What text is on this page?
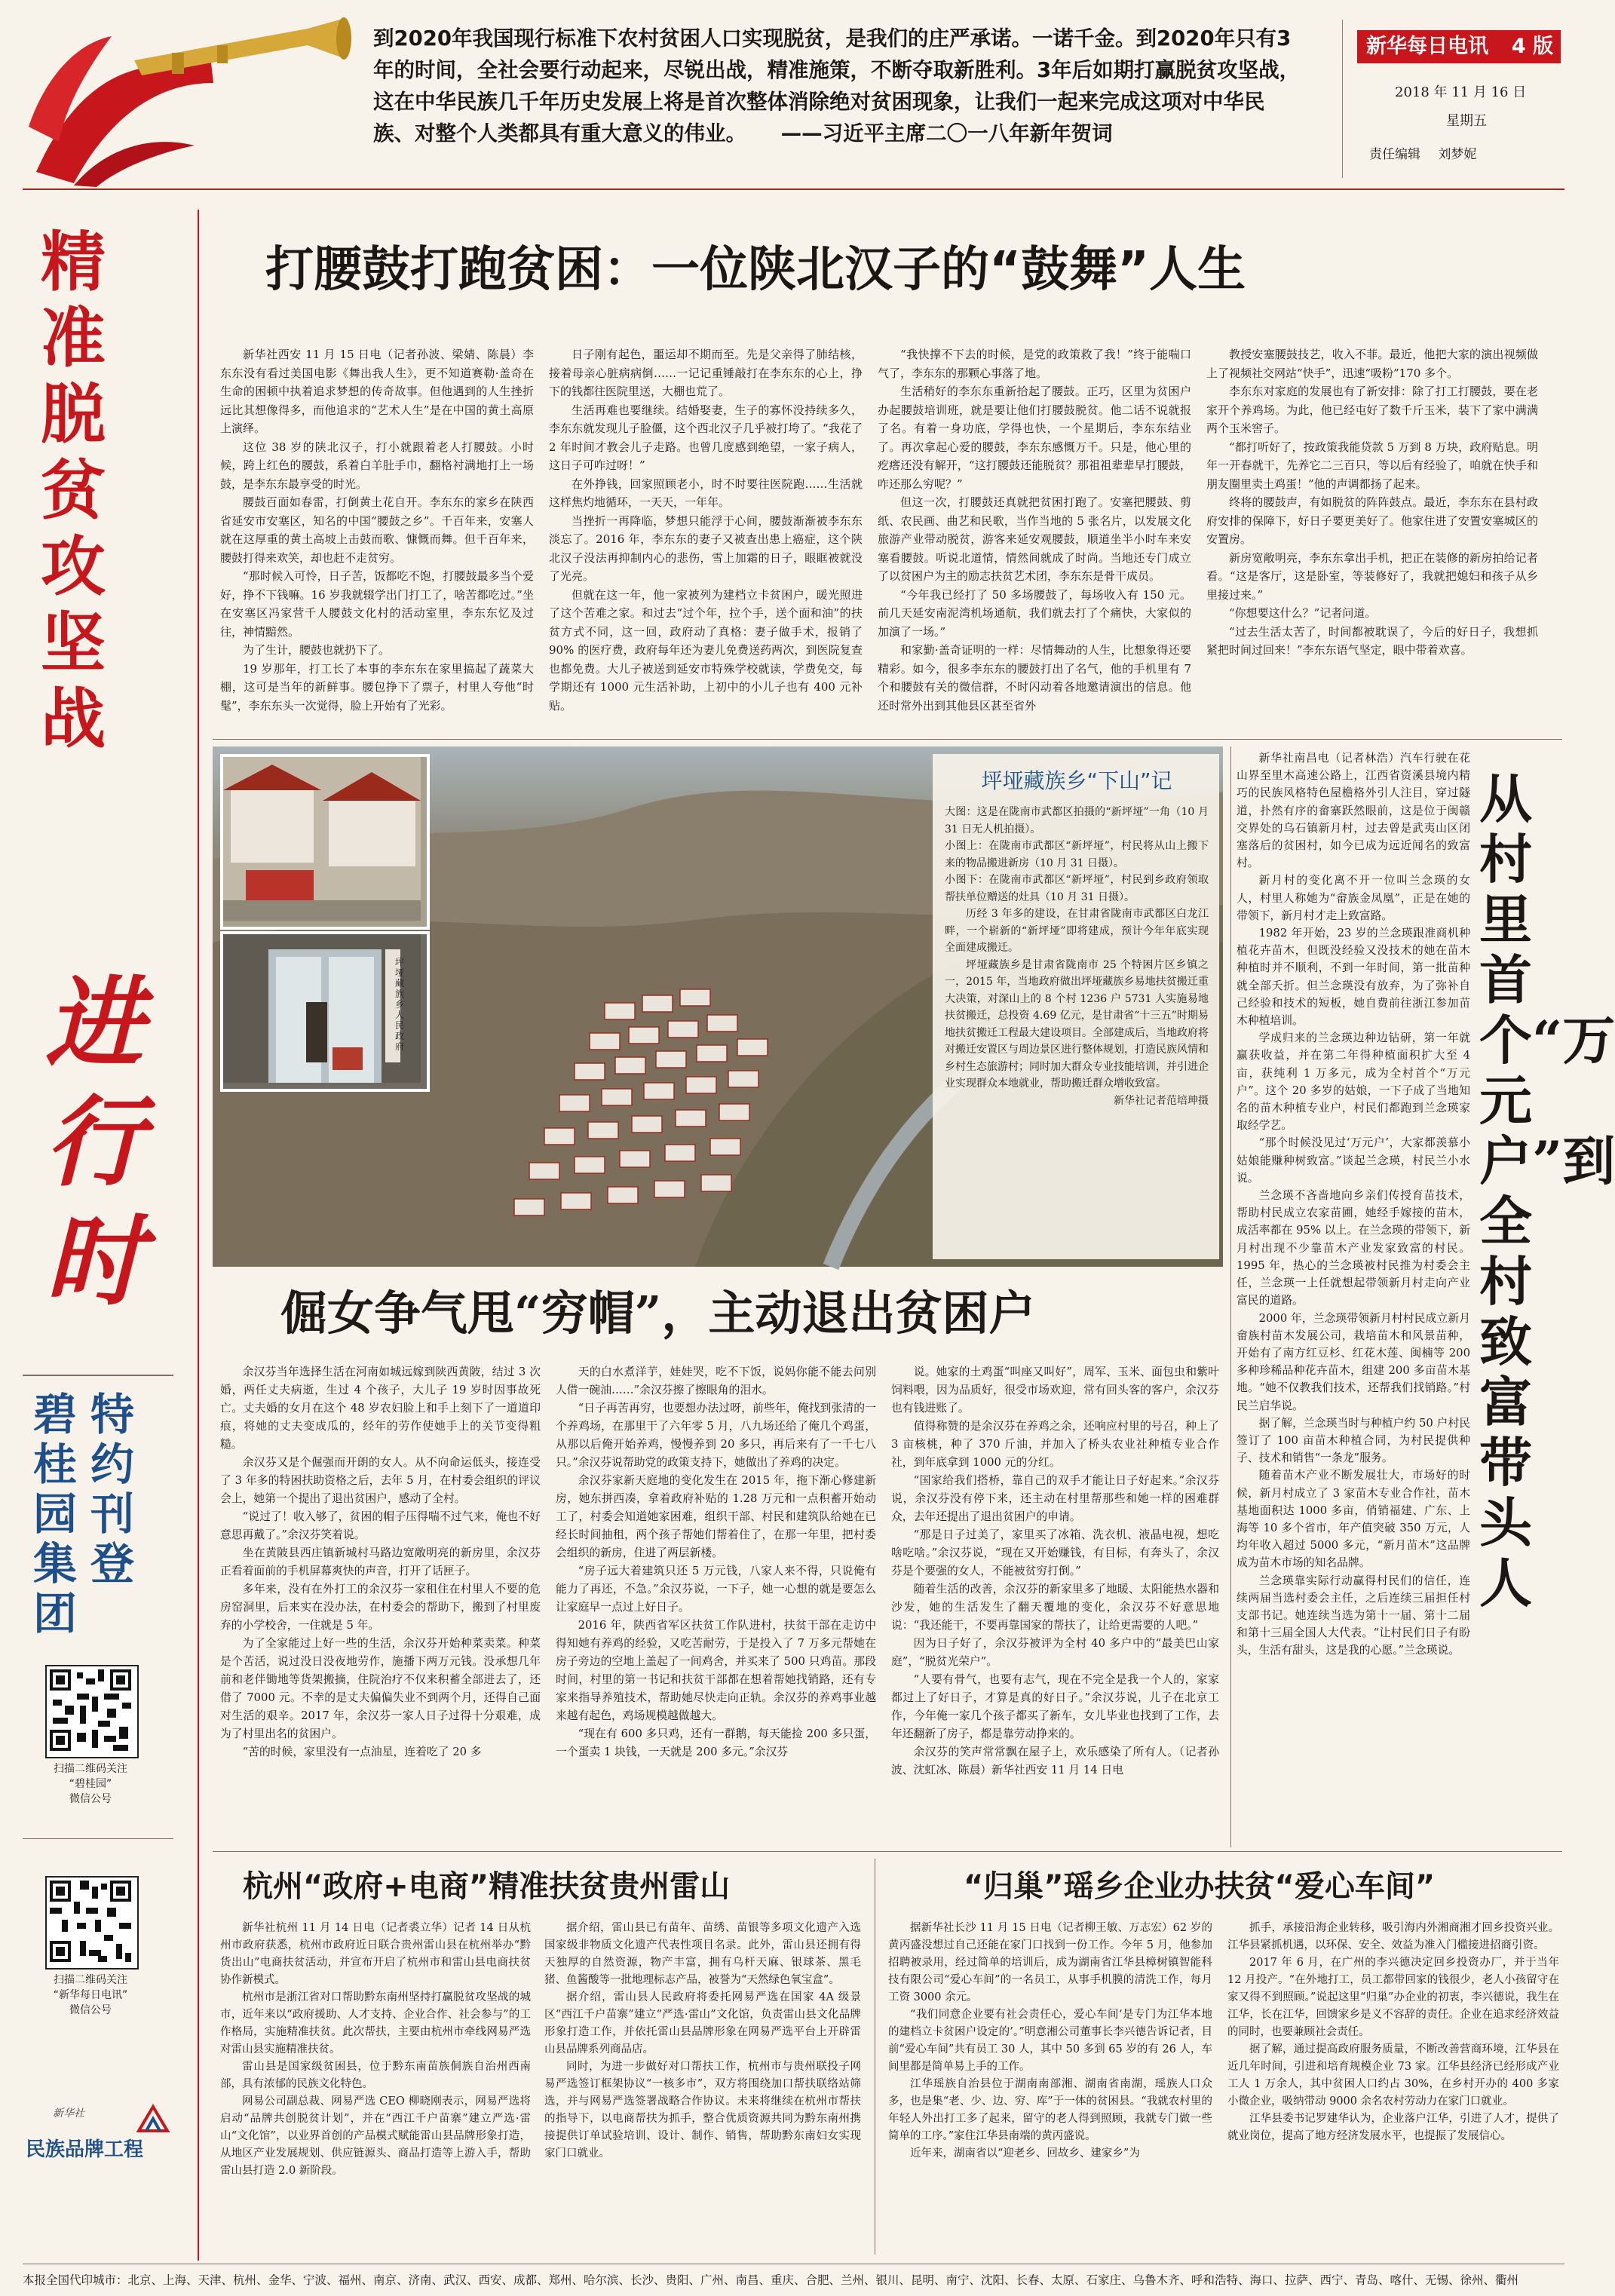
到2020年我国现行标准下农村贫困人口实现脱贫，是我们的庄严承诺。一诺千金。到2020年只有3
年的时间，全社会要行动起来，尽锐出战，精准施策，不断夺取新胜利。3年后如期打赢脱贫攻坚战，
这在中华民族几千年历史发展上将是首次整体消除绝对贫困现象，让我们一起来完成这项对中华民
族、对整个人类都具有重大意义的伟业。 ——习近平主席二〇一八年新年贺词
新华每日电讯 4 版
2018 年 11 月 16 日
星期五
责任编辑 刘梦妮
精准脱贫攻坚战
进行时
特约刊登
碧桂园集团
扫描二维码关注
“碧桂园”
微信公号
扫描二维码关注
“新华每日电讯”
微信公号
新华社
民族品牌工程
打腰鼓打跑贫困：一位陕北汉子的“鼓舞”人生

新华社西安 11 月 15 日电（记者孙波、梁婧、陈晨）李东东没有看过美国电影《舞出我人生》，更不知道赛勒·盖奇在生命的困顿中执着追求梦想的传奇故事。但他遇到的人生挫折远比其想像得多，而他追求的“艺术人生”是在中国的黄土高原上演绎。

这位 38 岁的陕北汉子，打小就跟着老人打腰鼓。小时候，跨上红色的腰鼓，系着白羊肚手巾，翻格衬满地打上一场鼓，是李东东最享受的时光。

腰鼓百面如春雷，打倒黄土花自开。李东东的家乡在陕西省延安市安塞区，知名的中国“腰鼓之乡”。千百年来，安塞人就在这厚重的黄土高坡上击鼓而歌、慷慨而舞。但千百年来，腰鼓打得来欢笑，却也赶不走贫穷。

“那时候入可怜，日子苦，饭都吃不饱，打腰鼓最多当个爱好，挣不下钱嘛。16 岁我就辍学出门打工了，啥苦都吃过。”坐在安塞区冯家营千人腰鼓文化村的活动室里，李东东忆及过往，神情黯然。

为了生计，腰鼓也就扔下了。

19 岁那年，打工长了本事的李东东在家里搞起了蔬菜大棚，这可是当年的新鲜事。腰包挣下了票子，村里人夸他“时髦”，李东东头一次觉得，脸上开始有了光彩。

日子刚有起色，噩运却不期而至。先是父亲得了肺结核，接着母亲心脏病病倒……一记记重锤敲打在李东东的心上，挣下的钱都往医院里送，大棚也荒了。

生活再难也要继续。结婚娶妻，生子的寡怀没持续多久，李东东就发现儿子脸僵，这个西北汉子几乎被打垮了。“我花了 2 年时间才教会儿子走路。也曾几度感到绝望，一家子病人，这日子可咋过呀！”

在外挣钱，回家照顾老小，时不时要往医院跑……生活就这样焦灼地循环，一天天，一年年。

当挫折一再降临，梦想只能浮于心间，腰鼓渐渐被李东东淡忘了。2016 年，李东东的妻子又被查出患上癌症，这个陕北汉子没法再抑制内心的悲伤，雪上加霜的日子，眼眶被就没了光亮。

但就在这一年，他一家被列为建档立卡贫困户，暖光照进了这个苦难之家。和过去“过个年，拉个手，送个面和油”的扶贫方式不同，这一回，政府动了真格：妻子做手术，报销了 90% 的医疗费，政府每年还为妻儿免费送药两次，到医院复查也都免费。大儿子被送到延安市特殊学校就读，学费免交，每学期还有 1000 元生活补助，上初中的小儿子也有 400 元补贴。

“我快撑不下去的时候，是党的政策救了我！”终于能喘口气了，李东东的那颗心事落了地。

生活稍好的李东东重新拾起了腰鼓。正巧，区里为贫困户办起腰鼓培训班，就是要让他们打腰鼓脱贫。他二话不说就报了名。有着一身功底，学得也快，一个星期后，李东东结业了。再次拿起心爱的腰鼓，李东东感慨万千。只是，他心里的疙瘩还没有解开，“这打腰鼓还能脱贫？那祖祖辈辈早打腰鼓，咋还那么穷呢？”

但这一次，打腰鼓还真就把贫困打跑了。安塞把腰鼓、剪纸、农民画、曲艺和民歌，当作当地的 5 张名片，以发展文化旅游产业带动脱贫，游客来延安观腰鼓，顺道坐半小时车来安塞看腰鼓。听说北道情，情然间就成了时尚。当地还专门成立了以贫困户为主的励志扶贫艺术团，李东东是骨干成员。

“今年我已经打了 50 多场腰鼓了，每场收入有 150 元。前几天延安南泥湾机场通航，我们就去打了个痛快，大家似的加演了一场。”

和家勤·盖奇证明的一样：尽情舞动的人生，比想象得还要精彩。如今，很多李东东的腰鼓打出了名气，他的手机里有 7 个和腰鼓有关的微信群，不时闪动着各地邀请演出的信息。他还时常外出到其他县区甚至省外

教授安塞腰鼓技艺，收入不菲。最近，他把大家的演出视频做上了视频社交网站“快手”，迅速“吸粉”170 多个。

李东东对家庭的发展也有了新安排：除了打工打腰鼓，要在老家开个养鸡场。为此，他已经屯好了数千斤玉米，装下了家中满满两个玉米窖子。

“都打听好了，按政策我能贷款 5 万到 8 万块，政府贴息。明年一开春就干，先养它二三百只，等以后有经验了，咱就在快手和朋友圈里卖土鸡蛋！”他的声调都扬了起来。

终将的腰鼓声，有如脱贫的阵阵鼓点。最近，李东东在县村政府安排的保障下，好日子要更美好了。他家住进了安置安塞城区的安置房。

新房宽敞明亮，李东东拿出手机，把正在装修的新房拍给记者看。“这是客厅，这是卧室，等装修好了，我就把媳妇和孩子从乡里接过来。”

“你想要这什么？”记者问道。

“过去生活太苦了，时间都被耽误了，今后的好日子，我想抓紧把时间过回来！”李东东语气坚定，眼中带着欢喜。

坪垭藏族乡人民政府
坪垭藏族乡“下山”记

大图：这是在陇南市武都区拍摄的“新坪垭”一角（10 月 31 日无人机拍摄）。

小图上：在陇南市武都区“新坪垭”，村民将从山上搬下来的物品搬进新房（10 月 31 日摄）。

小图下：在陇南市武都区“新坪垭”，村民到乡政府领取帮扶单位赠送的灶具（10 月 31 日摄）。

历经 3 年多的建设，在甘肃省陇南市武都区白龙江畔，一个崭新的“新坪垭”即将建成，预计今年年底实现全面建成搬迁。

坪垭藏族乡是甘肃省陇南市 25 个特困片区乡镇之一，2015 年，当地政府做出坪垭藏族乡易地扶贫搬迁重大决策，对深山上的 8 个村 1236 户 5731 人实施易地扶贫搬迁，总投资 4.69 亿元，是甘肃省“十三五”时期易地扶贫搬迁工程最大建设项目。全部建成后，当地政府将对搬迁安置区与周边景区进行整体规划，打造民族风情和乡村生态旅游村；同时加大群众专业技能培训，并引进企业实现群众本地就业，帮助搬迁群众增收致富。

新华社记者范培珅摄

新华社南昌电（记者林浩）汽车行驶在花山界至里木高速公路上，江西省资溪县境内精巧的民族风格特色屋檐格外引人注目，穿过隧道，扑然有序的畲寨跃然眼前，这是位于闽赣交界处的乌石镇新月村，过去曾是武夷山区闭塞落后的贫困村，如今已成为远近闻名的致富村。

新月村的变化离不开一位叫兰念瑛的女人，村里人称她为“畲族金凤凰”，正是在她的带领下，新月村才走上致富路。

1982 年开始，23 岁的兰念瑛跟准商机种植花卉苗木，但既没经验又没技术的她在苗木种植时并不顺利，不到一年时间，第一批苗种就全部夭折。但兰念瑛没有放弃，为了弥补自己经验和技术的短板，她自费前往浙江参加苗木种植培训。

学成归来的兰念瑛边种边钻研，第一年就赢获收益，并在第二年得种植面积扩大至 4 亩，获纯利 1 万多元，成为全村首个“万元户”。这个 20 多岁的姑娘，一下子成了当地知名的苗木种植专业户，村民们都跑到兰念瑛家取经学艺。

“那个时候没见过‘万元户’，大家都羡慕小姑娘能赚种树致富。”谈起兰念瑛，村民兰小水说。

兰念瑛不吝啬地向乡亲们传授育苗技术，帮助村民成立农家苗圃，她经手嫁接的苗木，成活率都在 95% 以上。在兰念瑛的带领下，新月村出现不少靠苗木产业发家致富的村民。1995 年，热心的兰念瑛被村民推为村委会主任，兰念瑛一上任就想起带领新月村走向产业富民的道路。

2000 年，兰念瑛带领新月村村民成立新月畲族村苗木发展公司，栽培苗木和风景苗种，开始有了南方红豆杉、红花木莲、闽楠等 200 多种珍稀品种花卉苗木，组建 200 多亩苗木基地。“她不仅教我们技术，还帮我们找销路。”村民兰启华说。

据了解，兰念瑛当时与种植户约 50 户村民签订了 100 亩苗木种植合同，为村民提供种子、技术和销售“一条龙”服务。

随着苗木产业不断发展壮大，市场好的时候，新月村成立了 3 家苗木专业合作社，苗木基地面积达 1000 多亩，俏销福建、广东、上海等 10 多个省市，年产值突破 350 万元，人均年收入超过 5000 多元，“新月苗木”这品牌成为苗木市场的知名品牌。

兰念瑛靠实际行动赢得村民们的信任，连续两届当选村委会主任，之后连续三届担任村支部书记。她连续当选为第十一届、第十二届和第十三届全国人大代表。“让村民们日子有盼头，生活有甜头，这是我的心愿。”兰念瑛说。

从村里首个“万元户”到全村致富带头人
倔女争气甩“穷帽”，主动退出贫困户

余汉芬当年选择生活在河南如城远嫁到陕西黄陂，结过 3 次婚，两任丈夫病逝，生过 4 个孩子，大儿子 19 岁时因事故死亡。丈夫婚的女月在这个 48 岁农妇脸上和手上刻下了一道道印痕，将她的丈夫变成瓜的，经年的劳作使她手上的关节变得粗糙。

余汉芬又是个倔强而开朗的女人。从不向命运低头，接连受了 3 年多的特困扶助资格之后，去年 5 月，在村委会组织的评议会上，她第一个提出了退出贫困户，感动了全村。

“说过了！收入够了，贫困的帽子压得喘不过气来，俺也不好意思再戴了。”余汉芬笑着说。

坐在黄陂县西庄镇新城村马路边宽敞明亮的新房里，余汉芬正看着面前的手机屏幕爽快的声音，打开了话匣子。

多年来，没有在外打工的余汉芬一家租住在村里人不要的危房窑洞里，后来实在没办法，在村委会的帮助下，搬到了村里废弃的小学校舍，一住就是 5 年。

为了全家能过上好一些的生活，余汉芬开始种菜卖菜。种菜是个苦活，说过没日没夜地劳作，施播下两万元钱。没承想几年前和老伴锄地等货架搬摘，住院治疗不仅来积蓄全部进去了，还借了 7000 元。不幸的是丈夫偏偏失业不到两个月，还得自己面对生活的艰辛。2017 年，余汉芬一家人日子过得十分艰难，成为了村里出名的贫困户。

“苦的时候，家里没有一点油星，连着吃了 20 多

天的白水煮洋芋，娃娃哭，吃不下饭，说妈你能不能去问别人借一碗油……”余汉芬擦了擦眼角的泪水。

“日子再苦再穷，也要想办法过呀，前些年，俺找到张清的一个养鸡场，在那里干了六年零 5 月，八九场还给了俺几个鸡蛋，从那以后俺开始养鸡，慢慢养到 20 多只，再后来有了一千七八只。”余汉芬说帮助党的政策支持下，她做出了养鸡的决定。

余汉芬家新天庭地的变化发生在 2015 年，拖下渐心修建新房，她东拼西凑，拿着政府补贴的 1.28 万元和一点积蓄开始动工了，村委会知道她家困难，组织干部、村民和建筑队给她在已经长时间抽租，两个孩子帮她们帮着住了，在那一年里，把村委会组织的新房，住进了两层新楼。

“房子远大着建筑只还 5 万元钱，八家人来不得，只说俺有能力了再还，不急。”余汉芬说，一下子，她一心想的就是要怎么让家庭早一点过上好日子。

2016 年，陕西省军区扶贫工作队进村，扶贫干部在走访中得知她有养鸡的经验，又吃苦耐劳，于是投入了 7 万多元帮她在房子旁边的空地上盖起了一间鸡舍，并买来了 500 只鸡苗。那段时间，村里的第一书记和扶贫干部都在想着帮她找销路，还有专家来指导养殖技术，帮助她尽快走向正轨。余汉芬的养鸡事业越来越有起色，鸡场规模越做越大。

“现在有 600 多只鸡，还有一群鹅，每天能捡 200 多只蛋，一个蛋卖 1 块钱，一天就是 200 多元。”余汉芬

说。她家的土鸡蛋“叫座又叫好”，周军、玉米、面包虫和紫叶饲料喂，因为品质好，很受市场欢迎，常有回头客的客户，余汉芬也有钱进账了。

值得称赞的是余汉芬在养鸡之余，还响应村里的号召，种上了 3 亩核桃，种了 370 斤油，并加入了桥头农业社种植专业合作社，到年底拿到 1000 元的分红。

“国家给我们搭桥，靠自己的双手才能让日子好起来。”余汉芬说，余汉芬没有停下来，还主动在村里帮那些和她一样的困难群众，去年还提出了退出贫困户的申请。

“那是日子过美了，家里买了冰箱、洗衣机、液晶电视，想吃啥吃啥。”余汉芬说，“现在又开始赚钱，有目标，有奔头了，余汉芬是个要强的女人，不能被贫穷打倒。”

随着生活的改善，余汉芬的新家里多了地暖、太阳能热水器和沙发，她的生活发生了翻天覆地的变化，余汉芬不好意思地说：“我还能干，不要再靠国家的帮扶了，让给更需要的人吧。”

因为日子好了，余汉芬被评为全村 40 多户中的“最美巴山家庭”，“脱贫光荣户”。

“人要有骨气，也要有志气，现在不完全是我一个人的，家家都过上了好日子，才算是真的好日子。”余汉芬说，儿子在北京工作，今年俺一家几个孩子都买了新车，女儿毕业也找到了工作，去年还翻新了房子，都是靠劳动挣来的。

余汉芬的笑声常常飘在屋子上，欢乐感染了所有人。（记者孙波、沈虹冰、陈晨）新华社西安 11 月 14 日电

杭州“政府+电商”精准扶贫贵州雷山

新华社杭州 11 月 14 日电（记者裘立华）记者 14 日从杭州市政府获悉，杭州市政府近日联合贵州雷山县在杭州举办“黔货出山”电商扶贫活动，并宣布开启了杭州市和雷山县电商扶贫协作新模式。

杭州市是浙江省对口帮助黔东南州坚持打赢脱贫攻坚战的城市，近年来以“政府援助、人才支持、企业合作、社会参与”的工作格局，实施精准扶贫。此次帮扶，主要由杭州市牵线网易严选对雷山县实施精准扶贫。

雷山县是国家级贫困县，位于黔东南苗族侗族自治州西南部，具有浓郁的民族文化特色。

网易公司副总裁、网易严选 CEO 柳晓刚表示，网易严选将启动“品牌共创脱贫计划”，并在“西江千户苗寨”建立严选·雷山“文化馆”，以业界首创的产品模式赋能雷山县品牌形象打造，从地区产业发展规划、供应链源头、商品打造等上游入手，帮助雷山县打造 2.0 新阶段。

据介绍，雷山县已有苗年、苗绣、苗银等多项文化遗产入选国家级非物质文化遗产代表性项目名录。此外，雷山县还拥有得天独厚的自然资源，物产丰富，拥有乌杆天麻、银球茶、黑毛猪、鱼酱酸等一批地理标志产品，被誉为“天然绿色氧宝盒”。

据介绍，雷山县人民政府将委托网易严选在国家 4A 级景区“西江千户苗寨”建立“严选·雷山”文化馆，负责雷山县文化品牌形象打造工作，并依托雷山县品牌形象在网易严选平台上开辟雷山县品牌系列商品店。

同时，为进一步做好对口帮扶工作，杭州市与贵州联投子网易严选签订框架协议“一核多市”，双方将围绕加口帮扶联络站筛选，并与网易严选签署战略合作协议。未来将继续在杭州市帮扶的指导下，以电商帮扶为抓手，整合优质资源共同为黔东南州携接提供订单试验培训、设计、制作、销售，帮助黔东南妇女实现家门口就业。

“归巢”瑶乡企业办扶贫“爱心车间”

据新华社长沙 11 月 15 日电（记者柳王敏、万志宏）62 岁的黄丙盛没想过自己还能在家门口找到一份工作。今年 5 月，他参加招聘被录用，经过简单的培训后，成为湖南省江华县樟树镇智能科技有限公司“爱心车间”的一名员工，从事手机膜的清洗工作，每月工资 3000 余元。

“我们同意企业要有社会责任心，爱心车间‘是专门为江华本地的建档立卡贫困户设定的’。”明意湘公司董事长李兴德告诉记者，目前“爱心车间”共有员工 30 人，其中 50 多到 65 岁的有 26 人，车间里都是简单易上手的工作。

江华瑶族自治县位于湖南南部湘、湖南省南湖，瑶族人口众多，也是集“老、少、边、穷、库”于一体的贫困县。“我就农村里的年轻人外出打工多了起来，留守的老人得到照顾，我就专门做一些简单的工序。”家住江华县南端的黄丙盛说。

近年来，湖南省以“迎老乡、回故乡、建家乡”为

抓手，承接沿海企业转移，吸引海内外湘商湘才回乡投资兴业。江华县紧抓机遇，以环保、安全、效益为准入门槛接进招商引资。

2017 年 6 月，在广州的李兴德决定回乡投资办厂，并于当年 12 月投产。“在外地打工，员工都带回家的钱很少，老人小孩留守在家又得不到照顾。”说起这里“归巢”办企业的初衷，李兴德说，我生在江华，长在江华，回馈家乡是义不容辞的责任。企业在追求经济效益的同时，也要兼顾社会责任。

据了解，通过提高政府服务质量，不断改善营商环境，江华县在近几年时间，引进和培育规模企业 73 家。江华县经济已经形成产业工人 1 万余人，其中贫困人口约占 30%，在乡村开办的 400 多家小微企业，吸纳带动 9000 余名农村劳动力在家门口就业。

江华县委书记罗建华认为，企业落户江华，引进了人才，提供了就业岗位，提高了地方经济发展水平，也提振了发展信心。

本报全国代印城市：北京、上海、天津、杭州、金华、宁波、福州、南京、济南、武汉、西安、成都、郑州、哈尔滨、长沙、贵阳、广州、南昌、重庆、合肥、兰州、银川、昆明、南宁、沈阳、长春、太原、石家庄、乌鲁木齐、呼和浩特、海口、拉萨、西宁、青岛、喀什、无锡、徐州、衢州
